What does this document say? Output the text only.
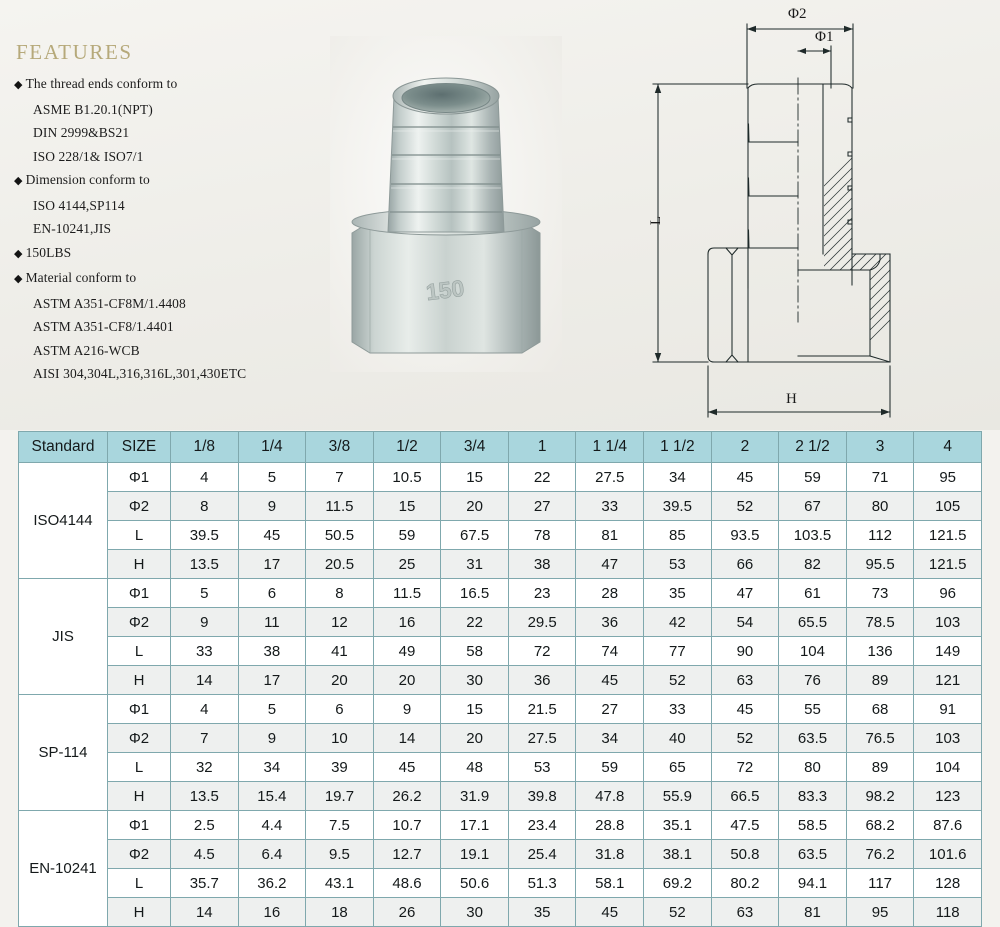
FEATURES
◆ The thread ends conform to
ASME B1.20.1(NPT)
DIN 2999&BS21
ISO 228/1& ISO7/1
◆ Dimension conform to
ISO 4144,SP114
EN-10241,JIS
◆ 150LBS
◆ Material conform to
ASTM A351-CF8M/1.4408
ASTM A351-CF8/1.4401
ASTM A216-WCB
AISI 304,304L,316,316L,301,430ETC
150
Φ2
Φ1
L
H
Standard	SIZE	1/8	1/4	3/8	1/2	3/4	1	1 1/4	1 1/2	2	2 1/2	3	4
ISO4144	Φ1	4	5	7	10.5	15	22	27.5	34	45	59	71	95
	Φ2	8	9	11.5	15	20	27	33	39.5	52	67	80	105
	L	39.5	45	50.5	59	67.5	78	81	85	93.5	103.5	112	121.5
	H	13.5	17	20.5	25	31	38	47	53	66	82	95.5	121.5
JIS	Φ1	5	6	8	11.5	16.5	23	28	35	47	61	73	96
	Φ2	9	11	12	16	22	29.5	36	42	54	65.5	78.5	103
	L	33	38	41	49	58	72	74	77	90	104	136	149
	H	14	17	20	20	30	36	45	52	63	76	89	121
SP-114	Φ1	4	5	6	9	15	21.5	27	33	45	55	68	91
	Φ2	7	9	10	14	20	27.5	34	40	52	63.5	76.5	103
	L	32	34	39	45	48	53	59	65	72	80	89	104
	H	13.5	15.4	19.7	26.2	31.9	39.8	47.8	55.9	66.5	83.3	98.2	123
EN-10241	Φ1	2.5	4.4	7.5	10.7	17.1	23.4	28.8	35.1	47.5	58.5	68.2	87.6
	Φ2	4.5	6.4	9.5	12.7	19.1	25.4	31.8	38.1	50.8	63.5	76.2	101.6
	L	35.7	36.2	43.1	48.6	50.6	51.3	58.1	69.2	80.2	94.1	117	128
	H	14	16	18	26	30	35	45	52	63	81	95	118
